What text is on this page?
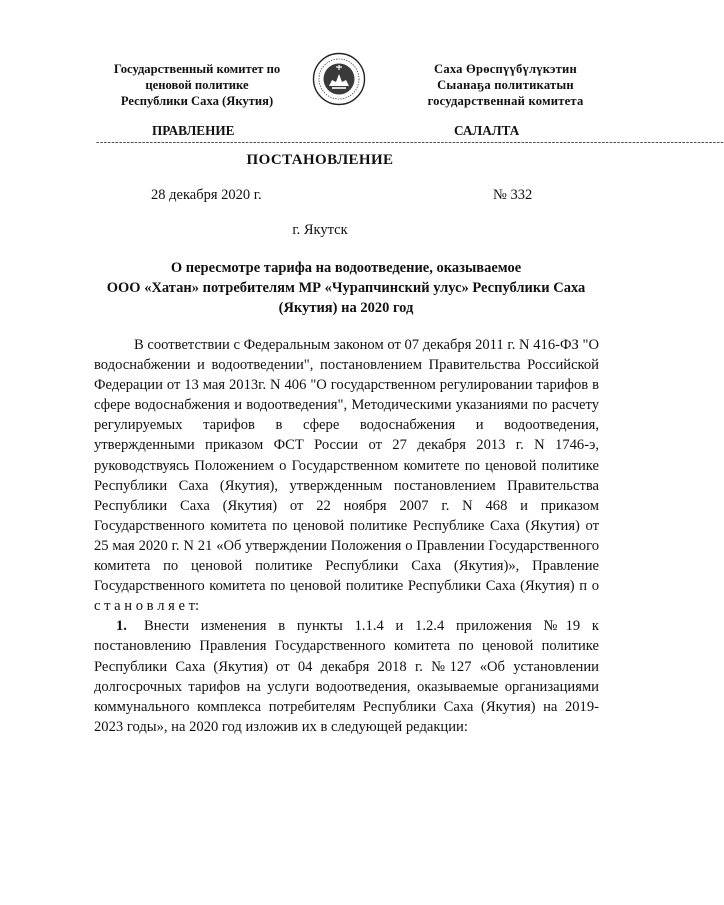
Государственный комитет по
ценовой политике
Республики Саха (Якутия)
Саха Өрөспүүбүлүкэтин
Сыанаҕа политикатын
государственнай комитета
ПРАВЛЕНИЕ	САЛАЛТА
--------------------------------------------------------------------------------------------------------------------------------------------------------------------
ПОСТАНОВЛЕНИЕ
28 декабря 2020 г.	№ 332
г. Якутск
О пересмотре тарифа на водоотведение, оказываемое
ООО «Хатан» потребителям МР «Чурапчинский улус» Республики Саха
(Якутия) на 2020 год

В соответствии с Федеральным законом от 07 декабря 2011 г. N 416-ФЗ "О водоснабжении и водоотведении", постановлением Правительства Российской Федерации от 13 мая 2013г. N 406 "О государственном регулировании тарифов в сфере водоснабжения и водоотведения", Методическими указаниями по расчету регулируемых тарифов в сфере водоснабжения и водоотведения, утвержденными приказом ФСТ России от 27 декабря 2013 г. N 1746-э, руководствуясь Положением о Государственном комитете по ценовой политике Республики Саха (Якутия), утвержденным постановлением Правительства Республики Саха (Якутия) от 22 ноября 2007 г. N 468 и приказом Государственного комитета по ценовой политике Республике Саха (Якутия) от 25 мая 2020 г. N 21 «Об утверждении Положения о Правлении Государственного комитета по ценовой политике Республики Саха (Якутия)», Правление Государственного комитета по ценовой политике Республики Саха (Якутия) п о с т а н о в л я е т:

1. Внести изменения в пункты 1.1.4 и 1.2.4 приложения №19 к постановлению Правления Государственного комитета по ценовой политике Республики Саха (Якутия) от 04 декабря 2018 г. №127 «Об установлении долгосрочных тарифов на услуги водоотведения, оказываемые организациями коммунального комплекса потребителям Республики Саха (Якутия) на 2019-2023 годы», на 2020 год изложив их в следующей редакции:
